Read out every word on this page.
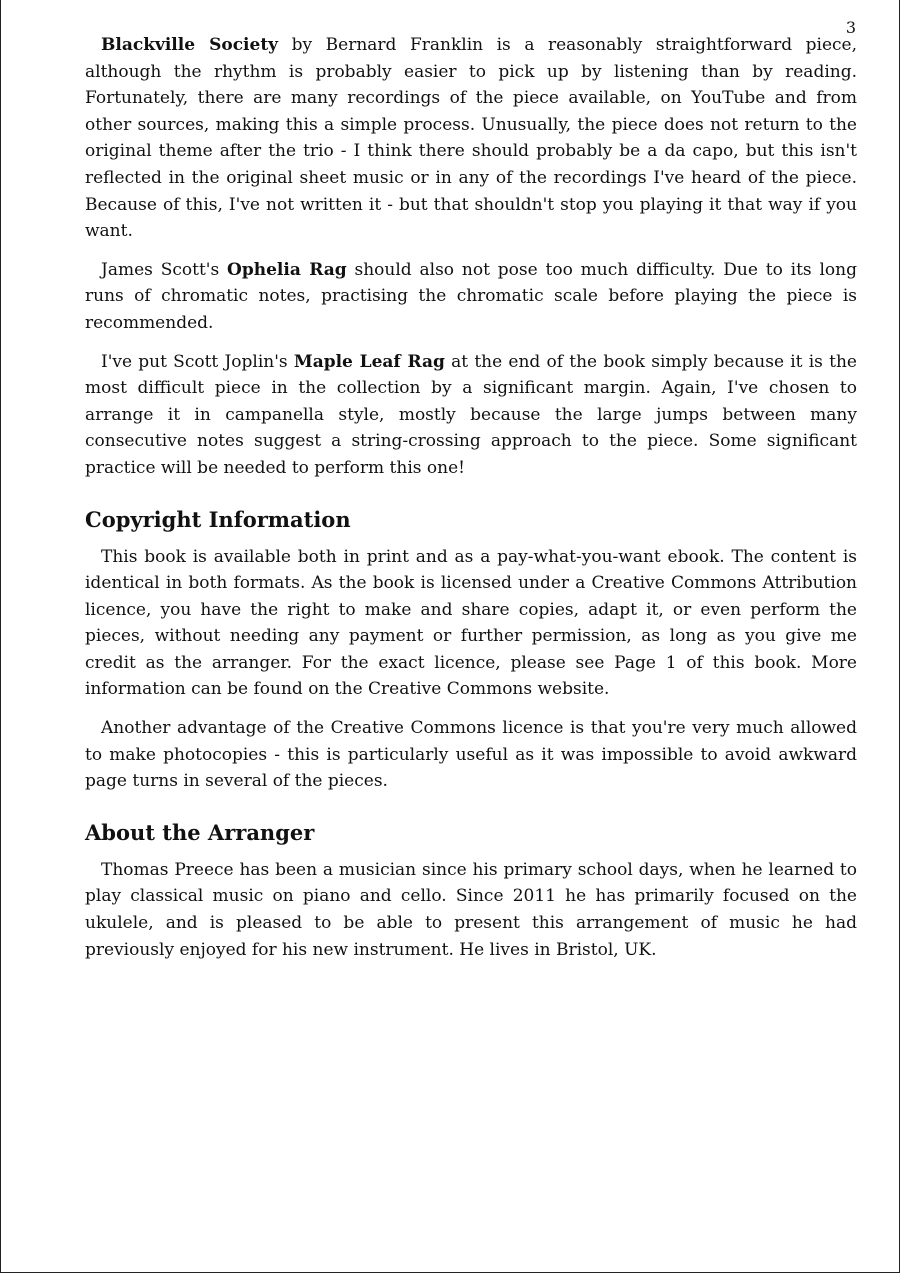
3

Blackville Society by Bernard Franklin is a reasonably straightforward piece, although the rhythm is probably easier to pick up by listening than by reading. Fortunately, there are many recordings of the piece available, on YouTube and from other sources, making this a simple process. Unusually, the piece does not return to the original theme after the trio - I think there should probably be a da capo, but this isn't reflected in the original sheet music or in any of the recordings I've heard of the piece. Because of this, I've not written it - but that shouldn't stop you playing it that way if you want.

James Scott's Ophelia Rag should also not pose too much difficulty. Due to its long runs of chromatic notes, practising the chromatic scale before playing the piece is recommended.

I've put Scott Joplin's Maple Leaf Rag at the end of the book simply because it is the most difficult piece in the collection by a significant margin. Again, I've chosen to arrange it in campanella style, mostly because the large jumps between many consecutive notes suggest a string-crossing approach to the piece. Some significant practice will be needed to perform this one!

Copyright Information

This book is available both in print and as a pay-what-you-want ebook. The content is identical in both formats. As the book is licensed under a Creative Commons Attribution licence, you have the right to make and share copies, adapt it, or even perform the pieces, without needing any payment or further permission, as long as you give me credit as the arranger. For the exact licence, please see Page 1 of this book. More information can be found on the Creative Commons website.

Another advantage of the Creative Commons licence is that you're very much allowed to make photocopies - this is particularly useful as it was impossible to avoid awkward page turns in several of the pieces.

About the Arranger

Thomas Preece has been a musician since his primary school days, when he learned to play classical music on piano and cello. Since 2011 he has primarily focused on the ukulele, and is pleased to be able to present this arrangement of music he had previously enjoyed for his new instrument. He lives in Bristol, UK.
